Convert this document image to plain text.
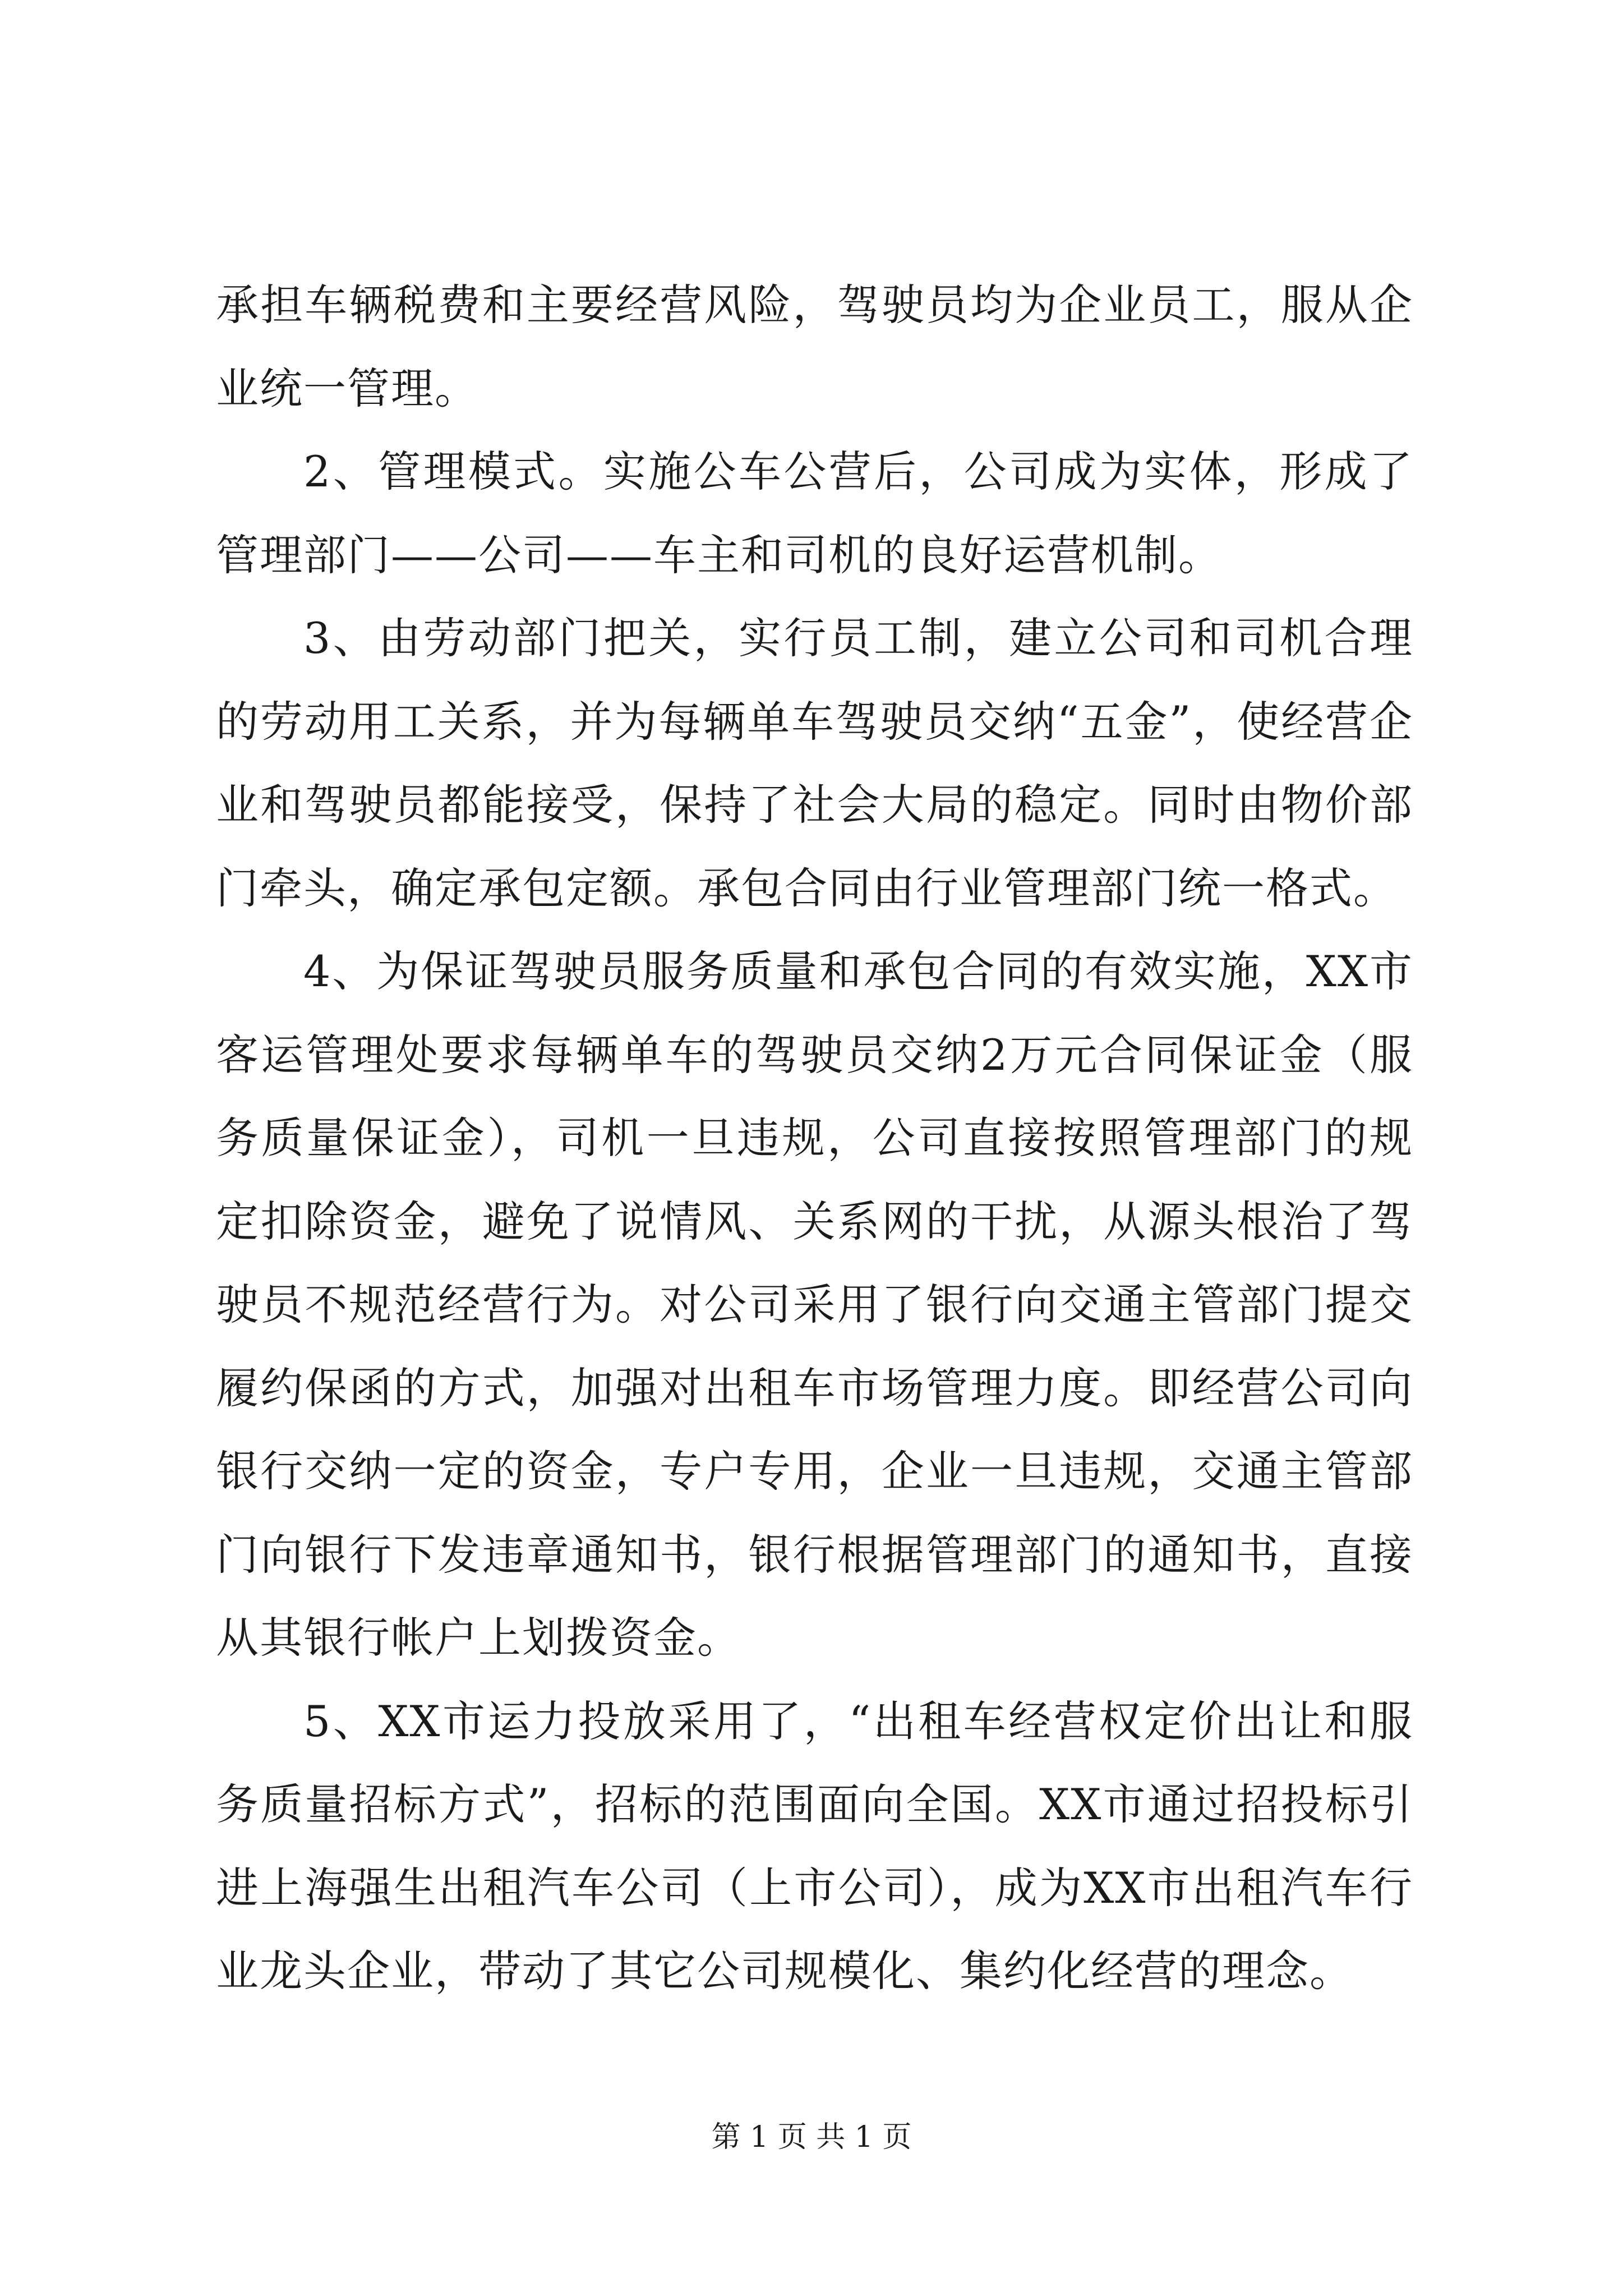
承担车辆税费和主要经营风险，驾驶员均为企业员工，服从企业统一管理。

2、管理模式。实施公车公营后，公司成为实体，形成了管理部门——公司——车主和司机的良好运营机制。

3、由劳动部门把关，实行员工制，建立公司和司机合理的劳动用工关系，并为每辆单车驾驶员交纳“五金”，使经营企业和驾驶员都能接受，保持了社会大局的稳定。同时由物价部门牵头，确定承包定额。承包合同由行业管理部门统一格式。

4、为保证驾驶员服务质量和承包合同的有效实施，XX市客运管理处要求每辆单车的驾驶员交纳2万元合同保证金（服务质量保证金），司机一旦违规，公司直接按照管理部门的规定扣除资金，避免了说情风、关系网的干扰，从源头根治了驾驶员不规范经营行为。对公司采用了银行向交通主管部门提交履约保函的方式，加强对出租车市场管理力度。即经营公司向银行交纳一定的资金，专户专用，企业一旦违规，交通主管部门向银行下发违章通知书，银行根据管理部门的通知书，直接从其银行帐户上划拨资金。

5、XX市运力投放采用了，“出租车经营权定价出让和服务质量招标方式”，招标的范围面向全国。XX市通过招投标引进上海强生出租汽车公司（上市公司），成为XX市出租汽车行业龙头企业，带动了其它公司规模化、集约化经营的理念。

第 1 页 共 1 页
